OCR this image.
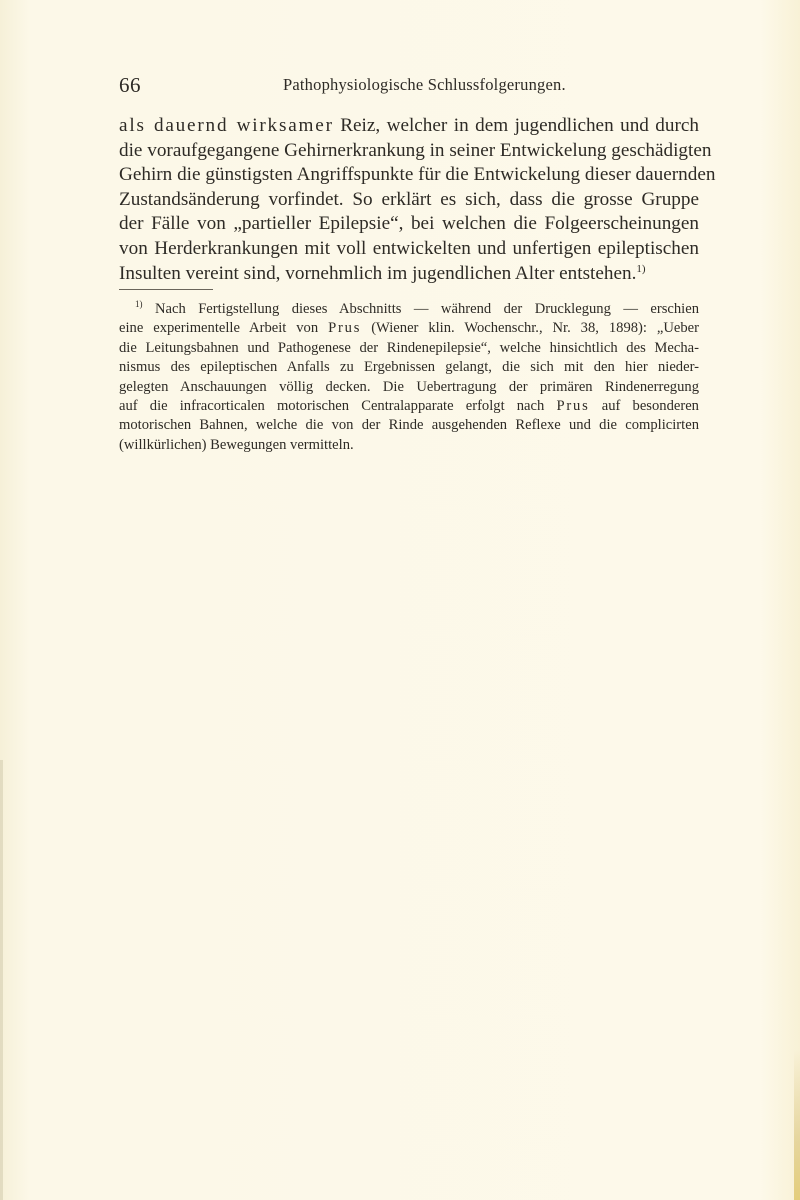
66	Pathophysiologische Schlussfolgerungen.
als dauernd wirksamer Reiz, welcher in dem jugendlichen und durch
die voraufgegangene Gehirnerkrankung in seiner Entwickelung geschädigten
Gehirn die günstigsten Angriffspunkte für die Entwickelung dieser dauernden
Zustandsänderung vorfindet. So erklärt es sich, dass die grosse Gruppe
der Fälle von „partieller Epilepsie“, bei welchen die Folgeerscheinungen
von Herderkrankungen mit voll entwickelten und unfertigen epileptischen
Insulten vereint sind, vornehmlich im jugendlichen Alter entstehen.$^{1)}$
$^{1)}$ Nach Fertigstellung dieses Abschnitts — während der Drucklegung — erschien
eine experimentelle Arbeit von Prus (Wiener klin. Wochenschr., Nr. 38, 1898): „Ueber
die Leitungsbahnen und Pathogenese der Rindenepilepsie“, welche hinsichtlich des Mecha-
nismus des epileptischen Anfalls zu Ergebnissen gelangt, die sich mit den hier nieder-
gelegten Anschauungen völlig decken. Die Uebertragung der primären Rindenerregung
auf die infracorticalen motorischen Centralapparate erfolgt nach Prus auf besonderen
motorischen Bahnen, welche die von der Rinde ausgehenden Reflexe und die complicirten
(willkürlichen) Bewegungen vermitteln.
